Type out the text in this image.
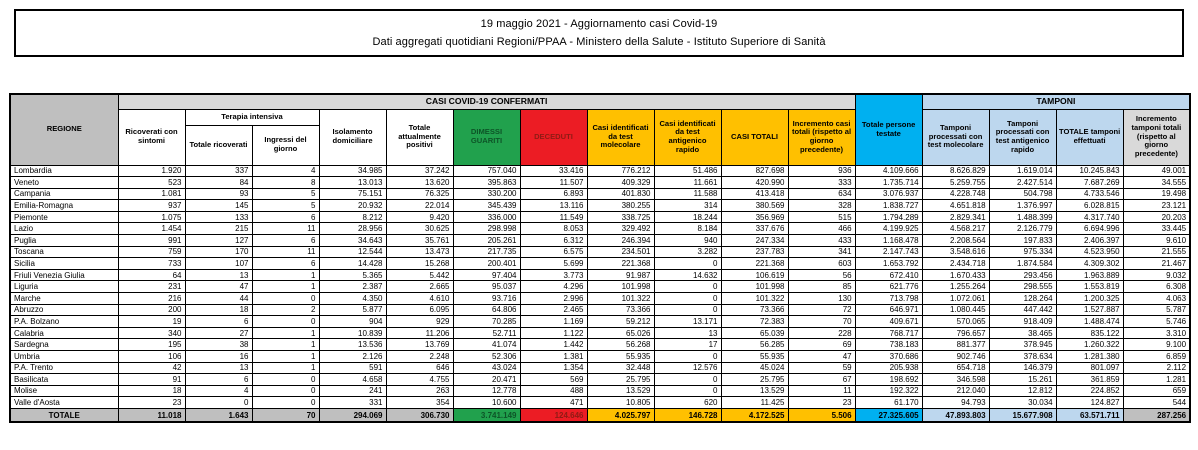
19 maggio 2021 - Aggiornamento casi Covid-19

Dati aggregati quotidiani Regioni/PPAA - Ministero della Salute - Istituto Superiore di Sanità

REGIONE	CASI COVID-19 CONFERMATI											Totale persone testate	TAMPONI			
	Ricoverati con sintomi	Terapia intensiva		Isolamento domiciliare	Totale attualmente positivi	DIMESSI GUARITI	DECEDUTI	Casi identificati da test molecolare	Casi identificati da test antigenico rapido	CASI TOTALI	Incremento casi totali (rispetto al giorno precedente)		Tamponi processati con test molecolare	Tamponi processati con test antigenico rapido	TOTALE tamponi effettuati	Incremento tamponi totali (rispetto al giorno precedente)
		Totale ricoverati	Ingressi del giorno													
Lombardia	1.920	337	4	34.985	37.242	757.040	33.416	776.212	51.486	827.698	936	4.109.666	8.626.829	1.619.014	10.245.843	49.001
Veneto	523	84	8	13.013	13.620	395.863	11.507	409.329	11.661	420.990	333	1.735.714	5.259.755	2.427.514	7.687.269	34.555
Campania	1.081	93	5	75.151	76.325	330.200	6.893	401.830	11.588	413.418	634	3.076.937	4.228.748	504.798	4.733.546	19.498
Emilia-Romagna	937	145	5	20.932	22.014	345.439	13.116	380.255	314	380.569	328	1.838.727	4.651.818	1.376.997	6.028.815	23.121
Piemonte	1.075	133	6	8.212	9.420	336.000	11.549	338.725	18.244	356.969	515	1.794.289	2.829.341	1.488.399	4.317.740	20.203
Lazio	1.454	215	11	28.956	30.625	298.998	8.053	329.492	8.184	337.676	466	4.199.925	4.568.217	2.126.779	6.694.996	33.445
Puglia	991	127	6	34.643	35.761	205.261	6.312	246.394	940	247.334	433	1.168.478	2.208.564	197.833	2.406.397	9.610
Toscana	759	170	11	12.544	13.473	217.735	6.575	234.501	3.282	237.783	341	2.147.743	3.548.616	975.334	4.523.950	21.555
Sicilia	733	107	6	14.428	15.268	200.401	5.699	221.368	0	221.368	603	1.653.792	2.434.718	1.874.584	4.309.302	21.467
Friuli Venezia Giulia	64	13	1	5.365	5.442	97.404	3.773	91.987	14.632	106.619	56	672.410	1.670.433	293.456	1.963.889	9.032
Liguria	231	47	1	2.387	2.665	95.037	4.296	101.998	0	101.998	85	621.776	1.255.264	298.555	1.553.819	6.308
Marche	216	44	0	4.350	4.610	93.716	2.996	101.322	0	101.322	130	713.798	1.072.061	128.264	1.200.325	4.063
Abruzzo	200	18	2	5.877	6.095	64.806	2.465	73.366	0	73.366	72	646.971	1.080.445	447.442	1.527.887	5.787
P.A. Bolzano	19	6	0	904	929	70.285	1.169	59.212	13.171	72.383	70	409.671	570.065	918.409	1.488.474	5.746
Calabria	340	27	1	10.839	11.206	52.711	1.122	65.026	13	65.039	228	768.717	796.657	38.465	835.122	3.310
Sardegna	195	38	1	13.536	13.769	41.074	1.442	56.268	17	56.285	69	738.183	881.377	378.945	1.260.322	9.100
Umbria	106	16	1	2.126	2.248	52.306	1.381	55.935	0	55.935	47	370.686	902.746	378.634	1.281.380	6.859
P.A. Trento	42	13	1	591	646	43.024	1.354	32.448	12.576	45.024	59	205.938	654.718	146.379	801.097	2.112
Basilicata	91	6	0	4.658	4.755	20.471	569	25.795	0	25.795	67	198.692	346.598	15.261	361.859	1.281
Molise	18	4	0	241	263	12.778	488	13.529	0	13.529	11	192.322	212.040	12.812	224.852	659
Valle d'Aosta	23	0	0	331	354	10.600	471	10.805	620	11.425	23	61.170	94.793	30.034	124.827	544
TOTALE	11.018	1.643	70	294.069	306.730	3.741.149	124.646	4.025.797	146.728	4.172.525	5.506	27.325.605	47.893.803	15.677.908	63.571.711	287.256
